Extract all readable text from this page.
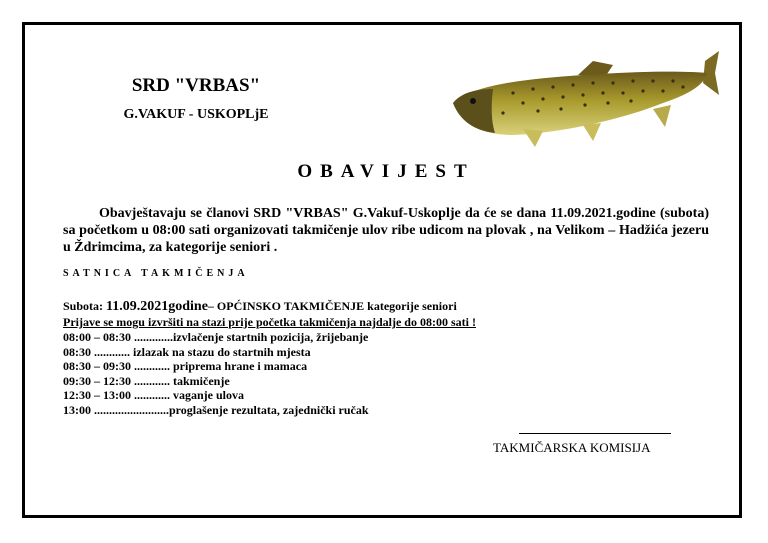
SRD "VRBAS"
G.VAKUF - USKOPLjE
OBAVIJEST
Obavještavaju se članovi SRD "VRBAS" G.Vakuf-Uskoplje da će se dana 11.09.2021.godine (subota) sa početkom u 08:00 sati organizovati takmičenje ulov ribe udicom na plovak , na Velikom – Hadžića jezeru u Ždrimcima, za kategorije seniori .
SATNICA TAKMIČENJA
Subota: 11.09.2021godine– OPĆINSKO TAKMIČENJE kategorije seniori
Prijave se mogu izvršiti na stazi prije početka takmičenja najdalje do 08:00 sati !
08:00 – 08:30 .............izvlačenje startnih pozicija, žrijebanje
08:30 ............ izlazak na stazu do startnih mjesta
08:30 – 09:30 ............ priprema hrane i mamaca
09:30 – 12:30 ............ takmičenje
12:30 – 13:00 ............ vaganje ulova
13:00 .........................proglašenje rezultata, zajednički ručak
TAKMIČARSKA KOMISIJA
